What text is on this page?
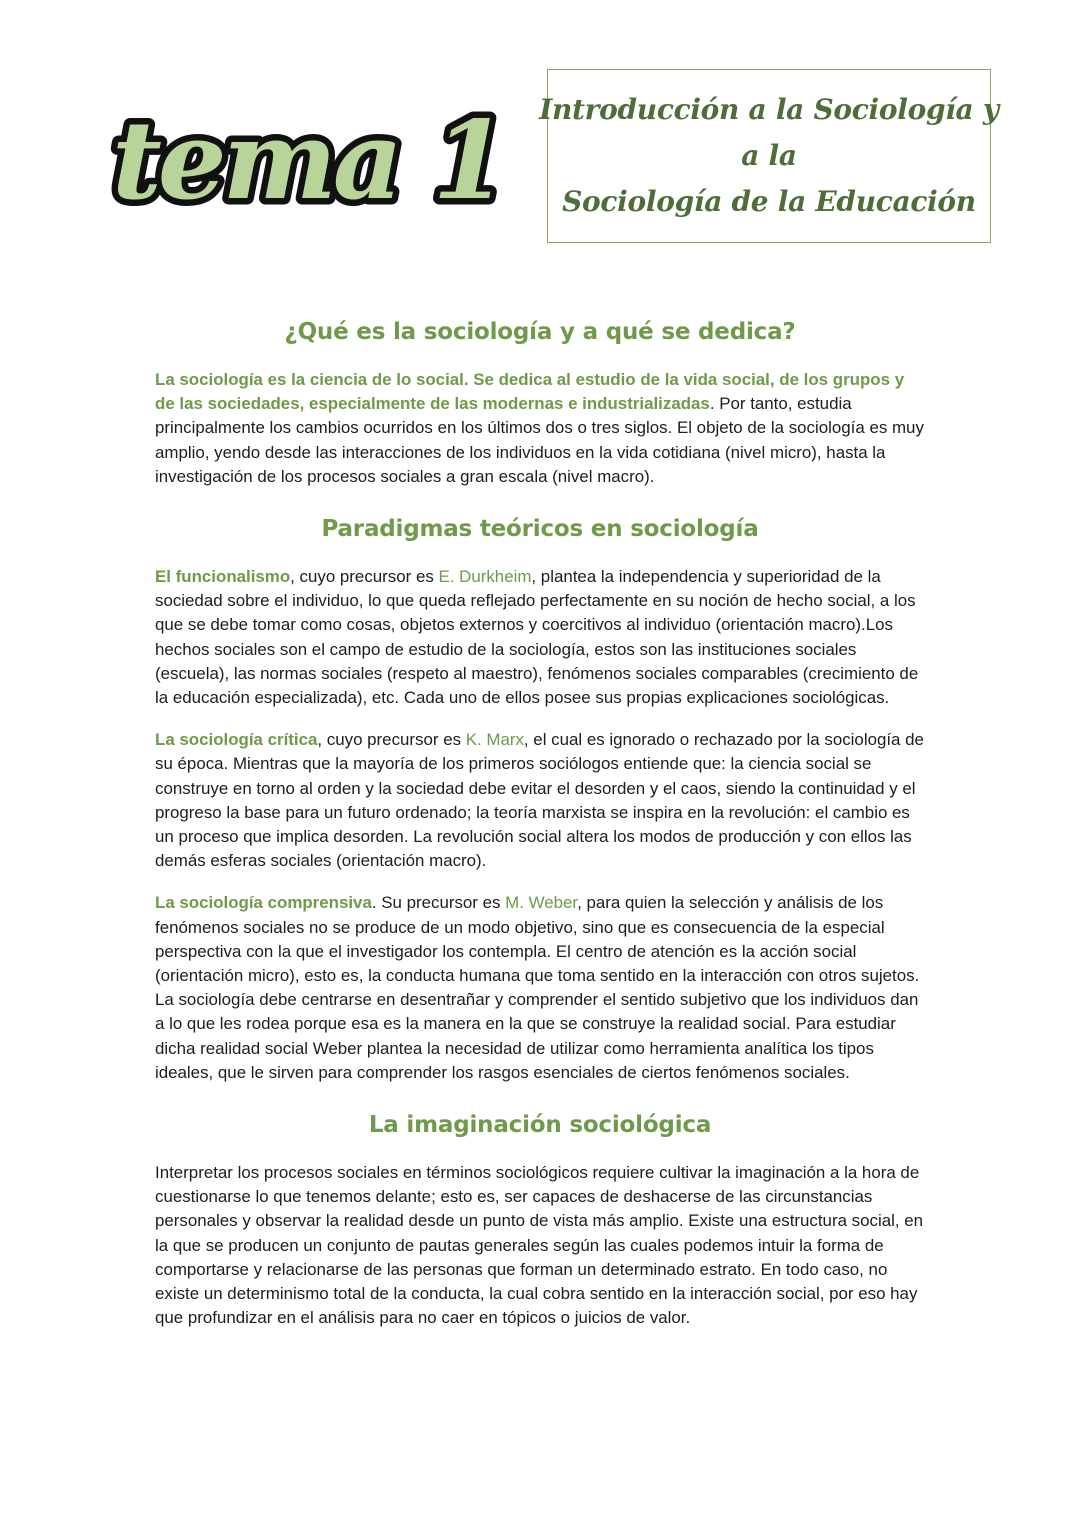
tema 1 Introducción a la Sociología y
a la
Sociología de la Educación
¿Qué es la sociología y a qué se dedica?

La sociología es la ciencia de lo social. Se dedica al estudio de la vida social, de los grupos y de las sociedades, especialmente de las modernas e industrializadas. Por tanto, estudia principalmente los cambios ocurridos en los últimos dos o tres siglos. El objeto de la sociología es muy amplio, yendo desde las interacciones de los individuos en la vida cotidiana (nivel micro), hasta la investigación de los procesos sociales a gran escala (nivel macro).

Paradigmas teóricos en sociología

El funcionalismo, cuyo precursor es E. Durkheim, plantea la independencia y superioridad de la sociedad sobre el individuo, lo que queda reflejado perfectamente en su noción de hecho social, a los que se debe tomar como cosas, objetos externos y coercitivos al individuo (orientación macro).Los hechos sociales son el campo de estudio de la sociología, estos son las instituciones sociales (escuela), las normas sociales (respeto al maestro), fenómenos sociales comparables (crecimiento de la educación especializada), etc. Cada uno de ellos posee sus propias explicaciones sociológicas.

La sociología crítica, cuyo precursor es K. Marx, el cual es ignorado o rechazado por la sociología de su época. Mientras que la mayoría de los primeros sociólogos entiende que: la ciencia social se construye en torno al orden y la sociedad debe evitar el desorden y el caos, siendo la continuidad y el progreso la base para un futuro ordenado; la teoría marxista se inspira en la revolución: el cambio es un proceso que implica desorden. La revolución social altera los modos de producción y con ellos las demás esferas sociales (orientación macro).

La sociología comprensiva. Su precursor es M. Weber, para quien la selección y análisis de los fenómenos sociales no se produce de un modo objetivo, sino que es consecuencia de la especial perspectiva con la que el investigador los contempla. El centro de atención es la acción social (orientación micro), esto es, la conducta humana que toma sentido en la interacción con otros sujetos. La sociología debe centrarse en desentrañar y comprender el sentido subjetivo que los individuos dan a lo que les rodea porque esa es la manera en la que se construye la realidad social. Para estudiar dicha realidad social Weber plantea la necesidad de utilizar como herramienta analítica los tipos ideales, que le sirven para comprender los rasgos esenciales de ciertos fenómenos sociales.

La imaginación sociológica

Interpretar los procesos sociales en términos sociológicos requiere cultivar la imaginación a la hora de cuestionarse lo que tenemos delante; esto es, ser capaces de deshacerse de las circunstancias personales y observar la realidad desde un punto de vista más amplio. Existe una estructura social, en la que se producen un conjunto de pautas generales según las cuales podemos intuir la forma de comportarse y relacionarse de las personas que forman un determinado estrato. En todo caso, no existe un determinismo total de la conducta, la cual cobra sentido en la interacción social, por eso hay que profundizar en el análisis para no caer en tópicos o juicios de valor.
